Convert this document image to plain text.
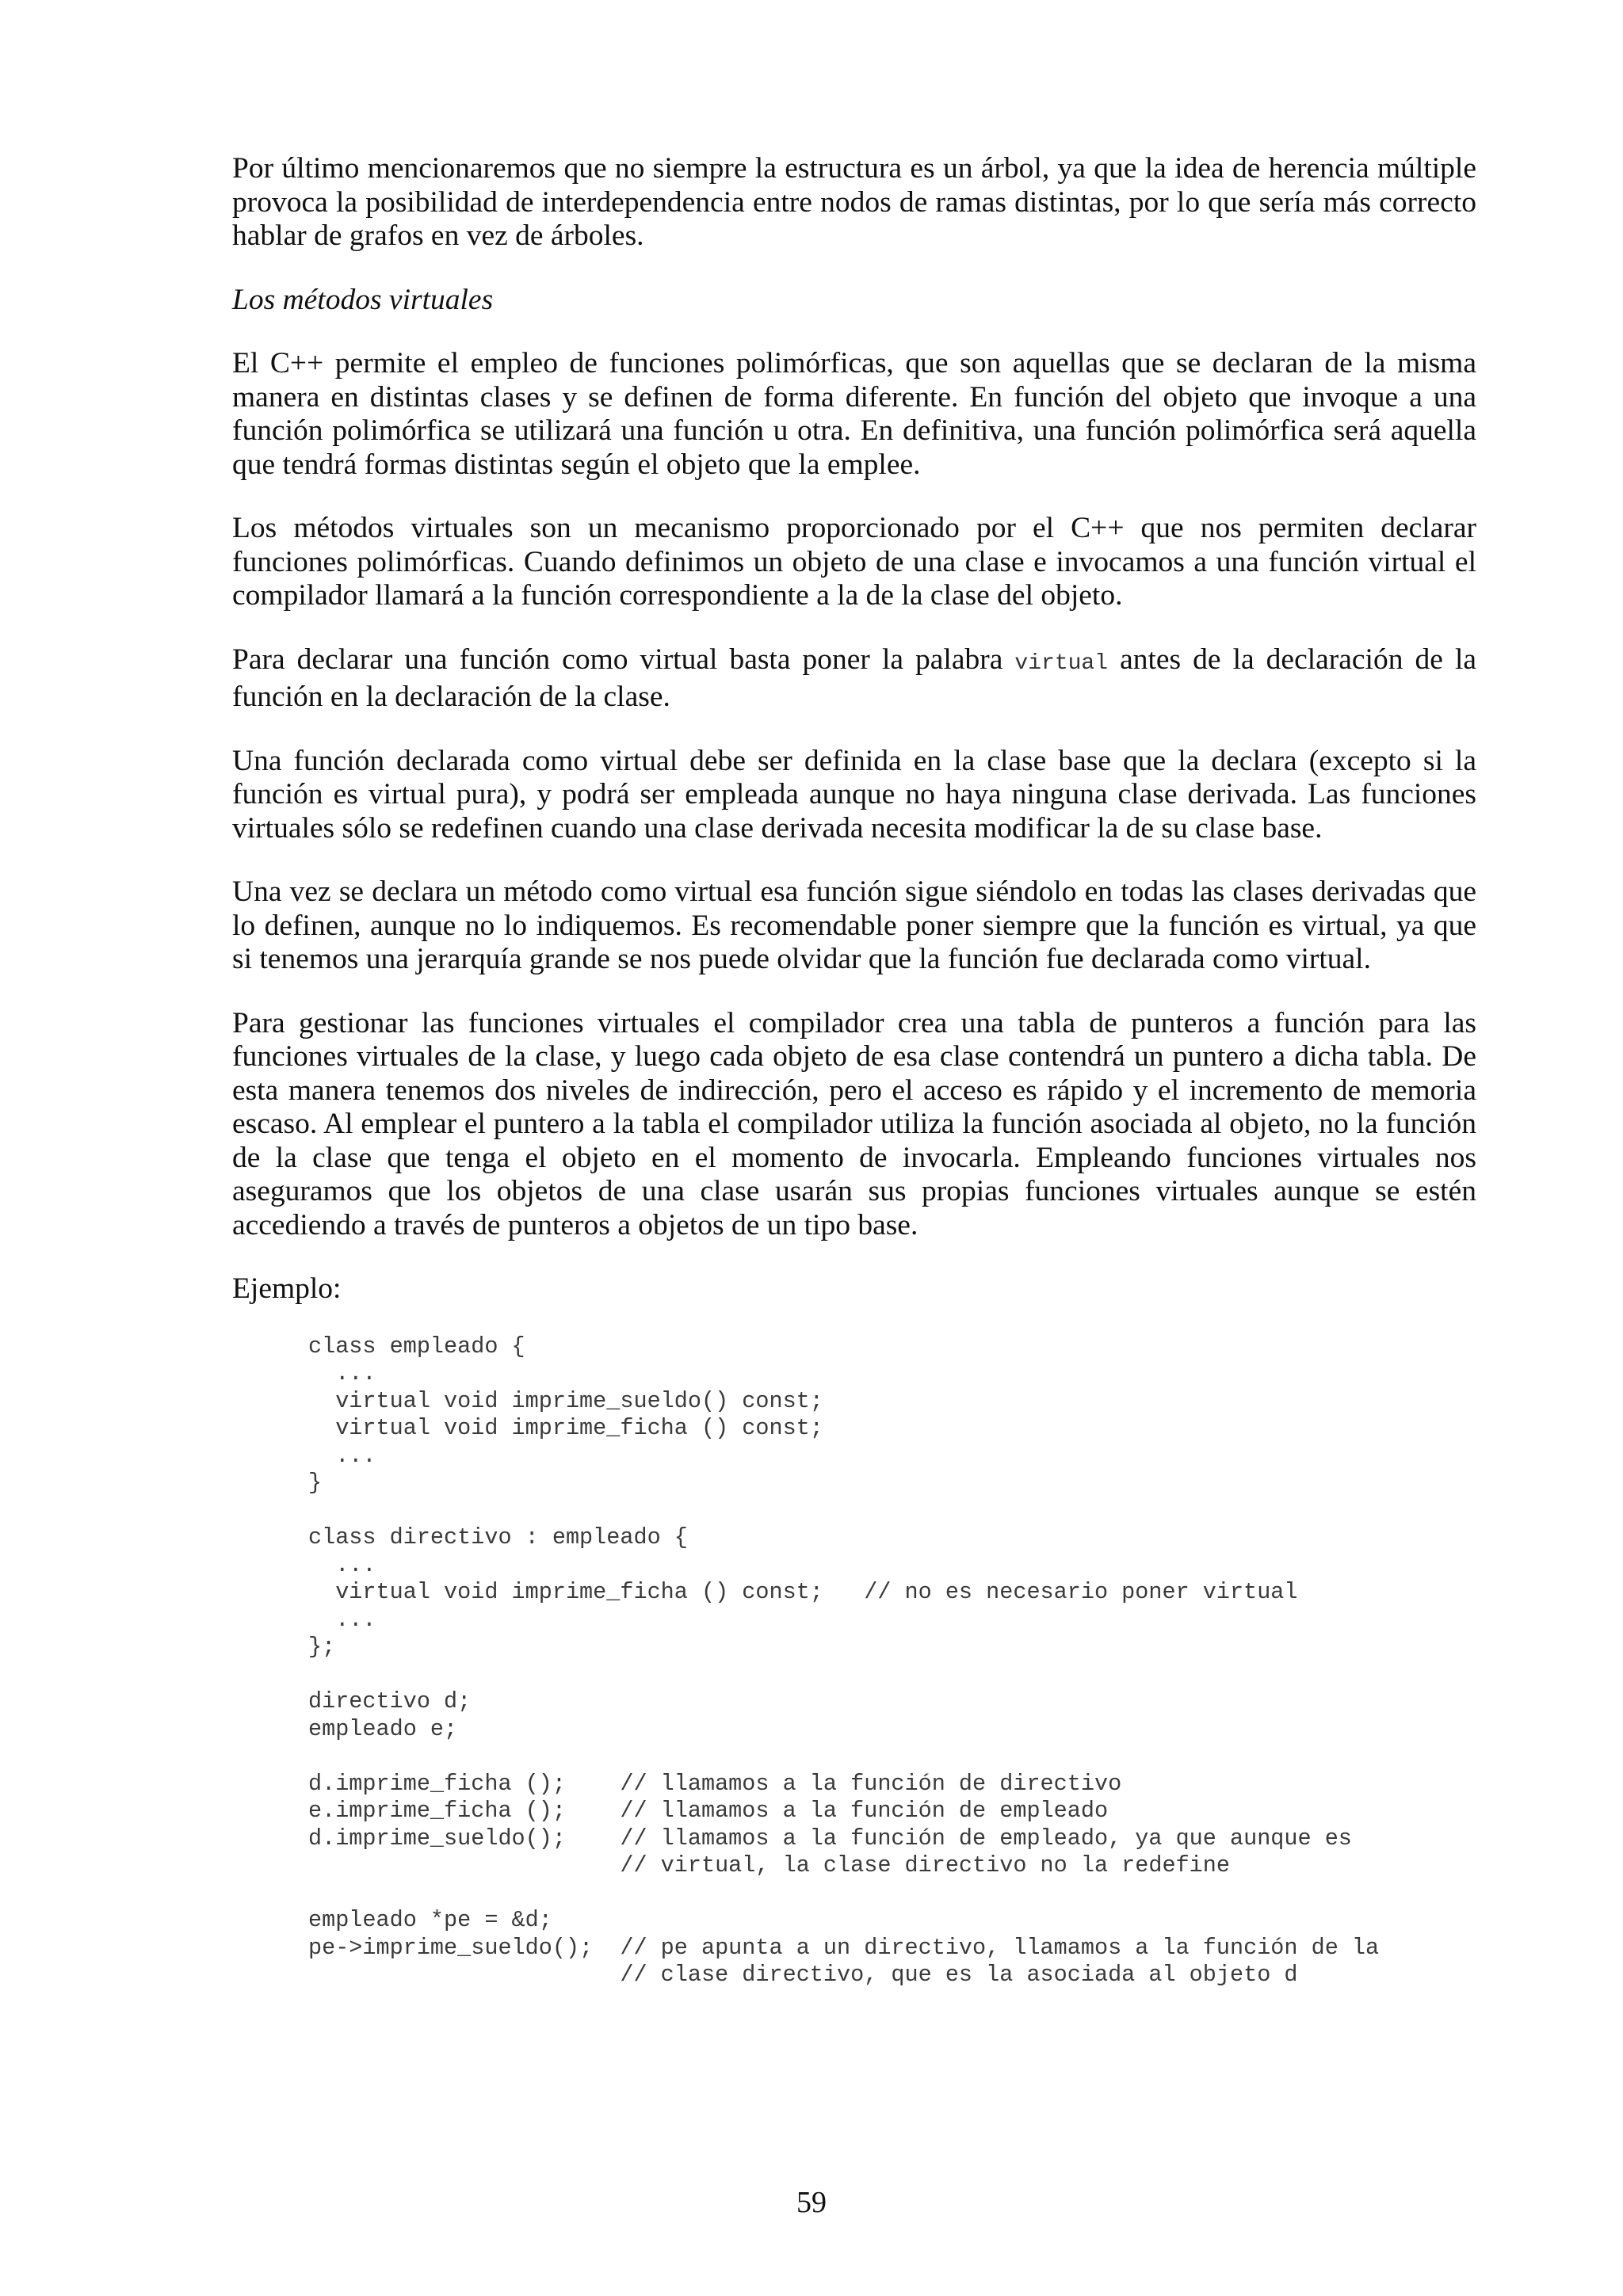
Por último mencionaremos que no siempre la estructura es un árbol, ya que la idea de herencia múltiple provoca la posibilidad de interdependencia entre nodos de ramas distintas, por lo que sería más correcto hablar de grafos en vez de árboles.

Los métodos virtuales

El C++ permite el empleo de funciones polimórficas, que son aquellas que se declaran de la misma manera en distintas clases y se definen de forma diferente. En función del objeto que invoque a una función polimórfica se utilizará una función u otra. En definitiva, una función polimórfica será aquella que tendrá formas distintas según el objeto que la emplee.

Los métodos virtuales son un mecanismo proporcionado por el C++ que nos permiten declarar funciones polimórficas. Cuando definimos un objeto de una clase e invocamos a una función virtual el compilador llamará a la función correspondiente a la de la clase del objeto.

Para declarar una función como virtual basta poner la palabra virtual antes de la declaración de la función en la declaración de la clase.

Una función declarada como virtual debe ser definida en la clase base que la declara (excepto si la función es virtual pura), y podrá ser empleada aunque no haya ninguna clase derivada. Las funciones virtuales sólo se redefinen cuando una clase derivada necesita modificar la de su clase base.

Una vez se declara un método como virtual esa función sigue siéndolo en todas las clases derivadas que lo definen, aunque no lo indiquemos. Es recomendable poner siempre que la función es virtual, ya que si tenemos una jerarquía grande se nos puede olvidar que la función fue declarada como virtual.

Para gestionar las funciones virtuales el compilador crea una tabla de punteros a función para las funciones virtuales de la clase, y luego cada objeto de esa clase contendrá un puntero a dicha tabla. De esta manera tenemos dos niveles de indirección, pero el acceso es rápido y el incremento de memoria escaso. Al emplear el puntero a la tabla el compilador utiliza la función asociada al objeto, no la función de la clase que tenga el objeto en el momento de invocarla. Empleando funciones virtuales nos aseguramos que los objetos de una clase usarán sus propias funciones virtuales aunque se estén accediendo a través de punteros a objetos de un tipo base.

Ejemplo:

class empleado {
...
virtual void imprime_sueldo() const;
virtual void imprime_ficha () const;
...
}
class directivo : empleado {
...
virtual void imprime_ficha () const;   // no es necesario poner virtual
...
};
directivo d;
empleado e;
d.imprime_ficha ();    // llamamos a la función de directivo
e.imprime_ficha ();    // llamamos a la función de empleado
d.imprime_sueldo();    // llamamos a la función de empleado, ya que aunque es
// virtual, la clase directivo no la redefine
empleado *pe = &d;
pe->imprime_sueldo();  // pe apunta a un directivo, llamamos a la función de la
// clase directivo, que es la asociada al objeto d
59
